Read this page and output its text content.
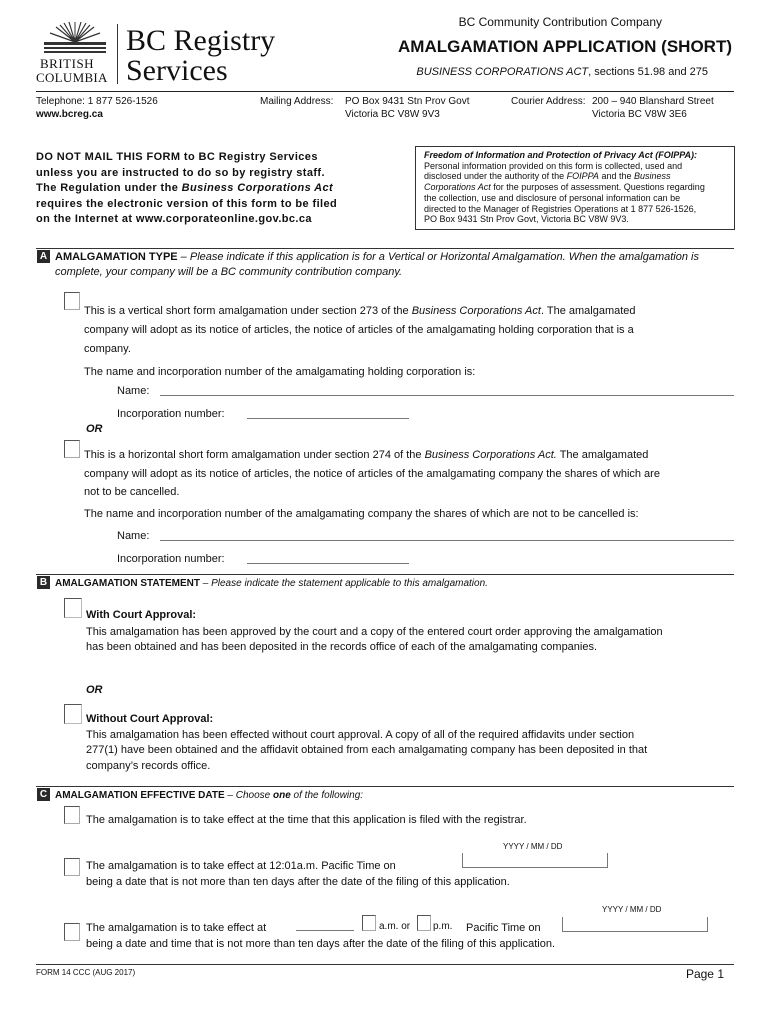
BRITISH
COLUMBIA
BC Registry
Services
BC Community Contribution Company
AMALGAMATION APPLICATION (SHORT)
BUSINESS CORPORATIONS ACT, sections 51.98 and 275
Telephone: 1 877 526-1526
www.bcreg.ca
Mailing Address: PO Box 9431 Stn Prov Govt
Victoria BC V8W 9V3
Courier Address: 200 – 940 Blanshard Street
Victoria BC V8W 3E6
DO NOT MAIL THIS FORM to BC Registry Services
unless you are instructed to do so by registry staff.
The Regulation under the Business Corporations Act
requires the electronic version of this form to be filed
on the Internet at www.corporateonline.gov.bc.ca
Freedom of Information and Protection of Privacy Act (FOIPPA):
Personal information provided on this form is collected, used and
disclosed under the authority of the FOIPPA and the Business
Corporations Act for the purposes of assessment. Questions regarding
the collection, use and disclosure of personal information can be
directed to the Manager of Registries Operations at 1 877 526-1526,
PO Box 9431 Stn Prov Govt, Victoria BC V8W 9V3.
A AMALGAMATION TYPE – Please indicate if this application is for a Vertical or Horizontal Amalgamation. When the amalgamation is
complete, your company will be a BC community contribution company.
This is a vertical short form amalgamation under section 273 of the Business Corporations Act. The amalgamated
company will adopt as its notice of articles, the notice of articles of the amalgamating holding corporation that is a
company.
The name and incorporation number of the amalgamating holding corporation is:
Name:
Incorporation number:
OR
This is a horizontal short form amalgamation under section 274 of the Business Corporations Act. The amalgamated
company will adopt as its notice of articles, the notice of articles of the amalgamating company the shares of which are
not to be cancelled.
The name and incorporation number of the amalgamating company the shares of which are not to be cancelled is:
Name:
Incorporation number:
B AMALGAMATION STATEMENT – Please indicate the statement applicable to this amalgamation.
With Court Approval:
This amalgamation has been approved by the court and a copy of the entered court order approving the amalgamation
has been obtained and has been deposited in the records office of each of the amalgamating companies.
OR
Without Court Approval:
This amalgamation has been effected without court approval. A copy of all of the required affidavits under section
277(1) have been obtained and the affidavit obtained from each amalgamating company has been deposited in that
company’s records office.
C AMALGAMATION EFFECTIVE DATE – Choose one of the following:
The amalgamation is to take effect at the time that this application is filed with the registrar.
YYYY / MM / DD
The amalgamation is to take effect at 12:01a.m. Pacific Time on
being a date that is not more than ten days after the date of the filing of this application.
YYYY / MM / DD
The amalgamation is to take effect at	a.m. or p.m. Pacific Time on
being a date and time that is not more than ten days after the date of the filing of this application.
FORM 14 CCC (AUG 2017)	Page 1
